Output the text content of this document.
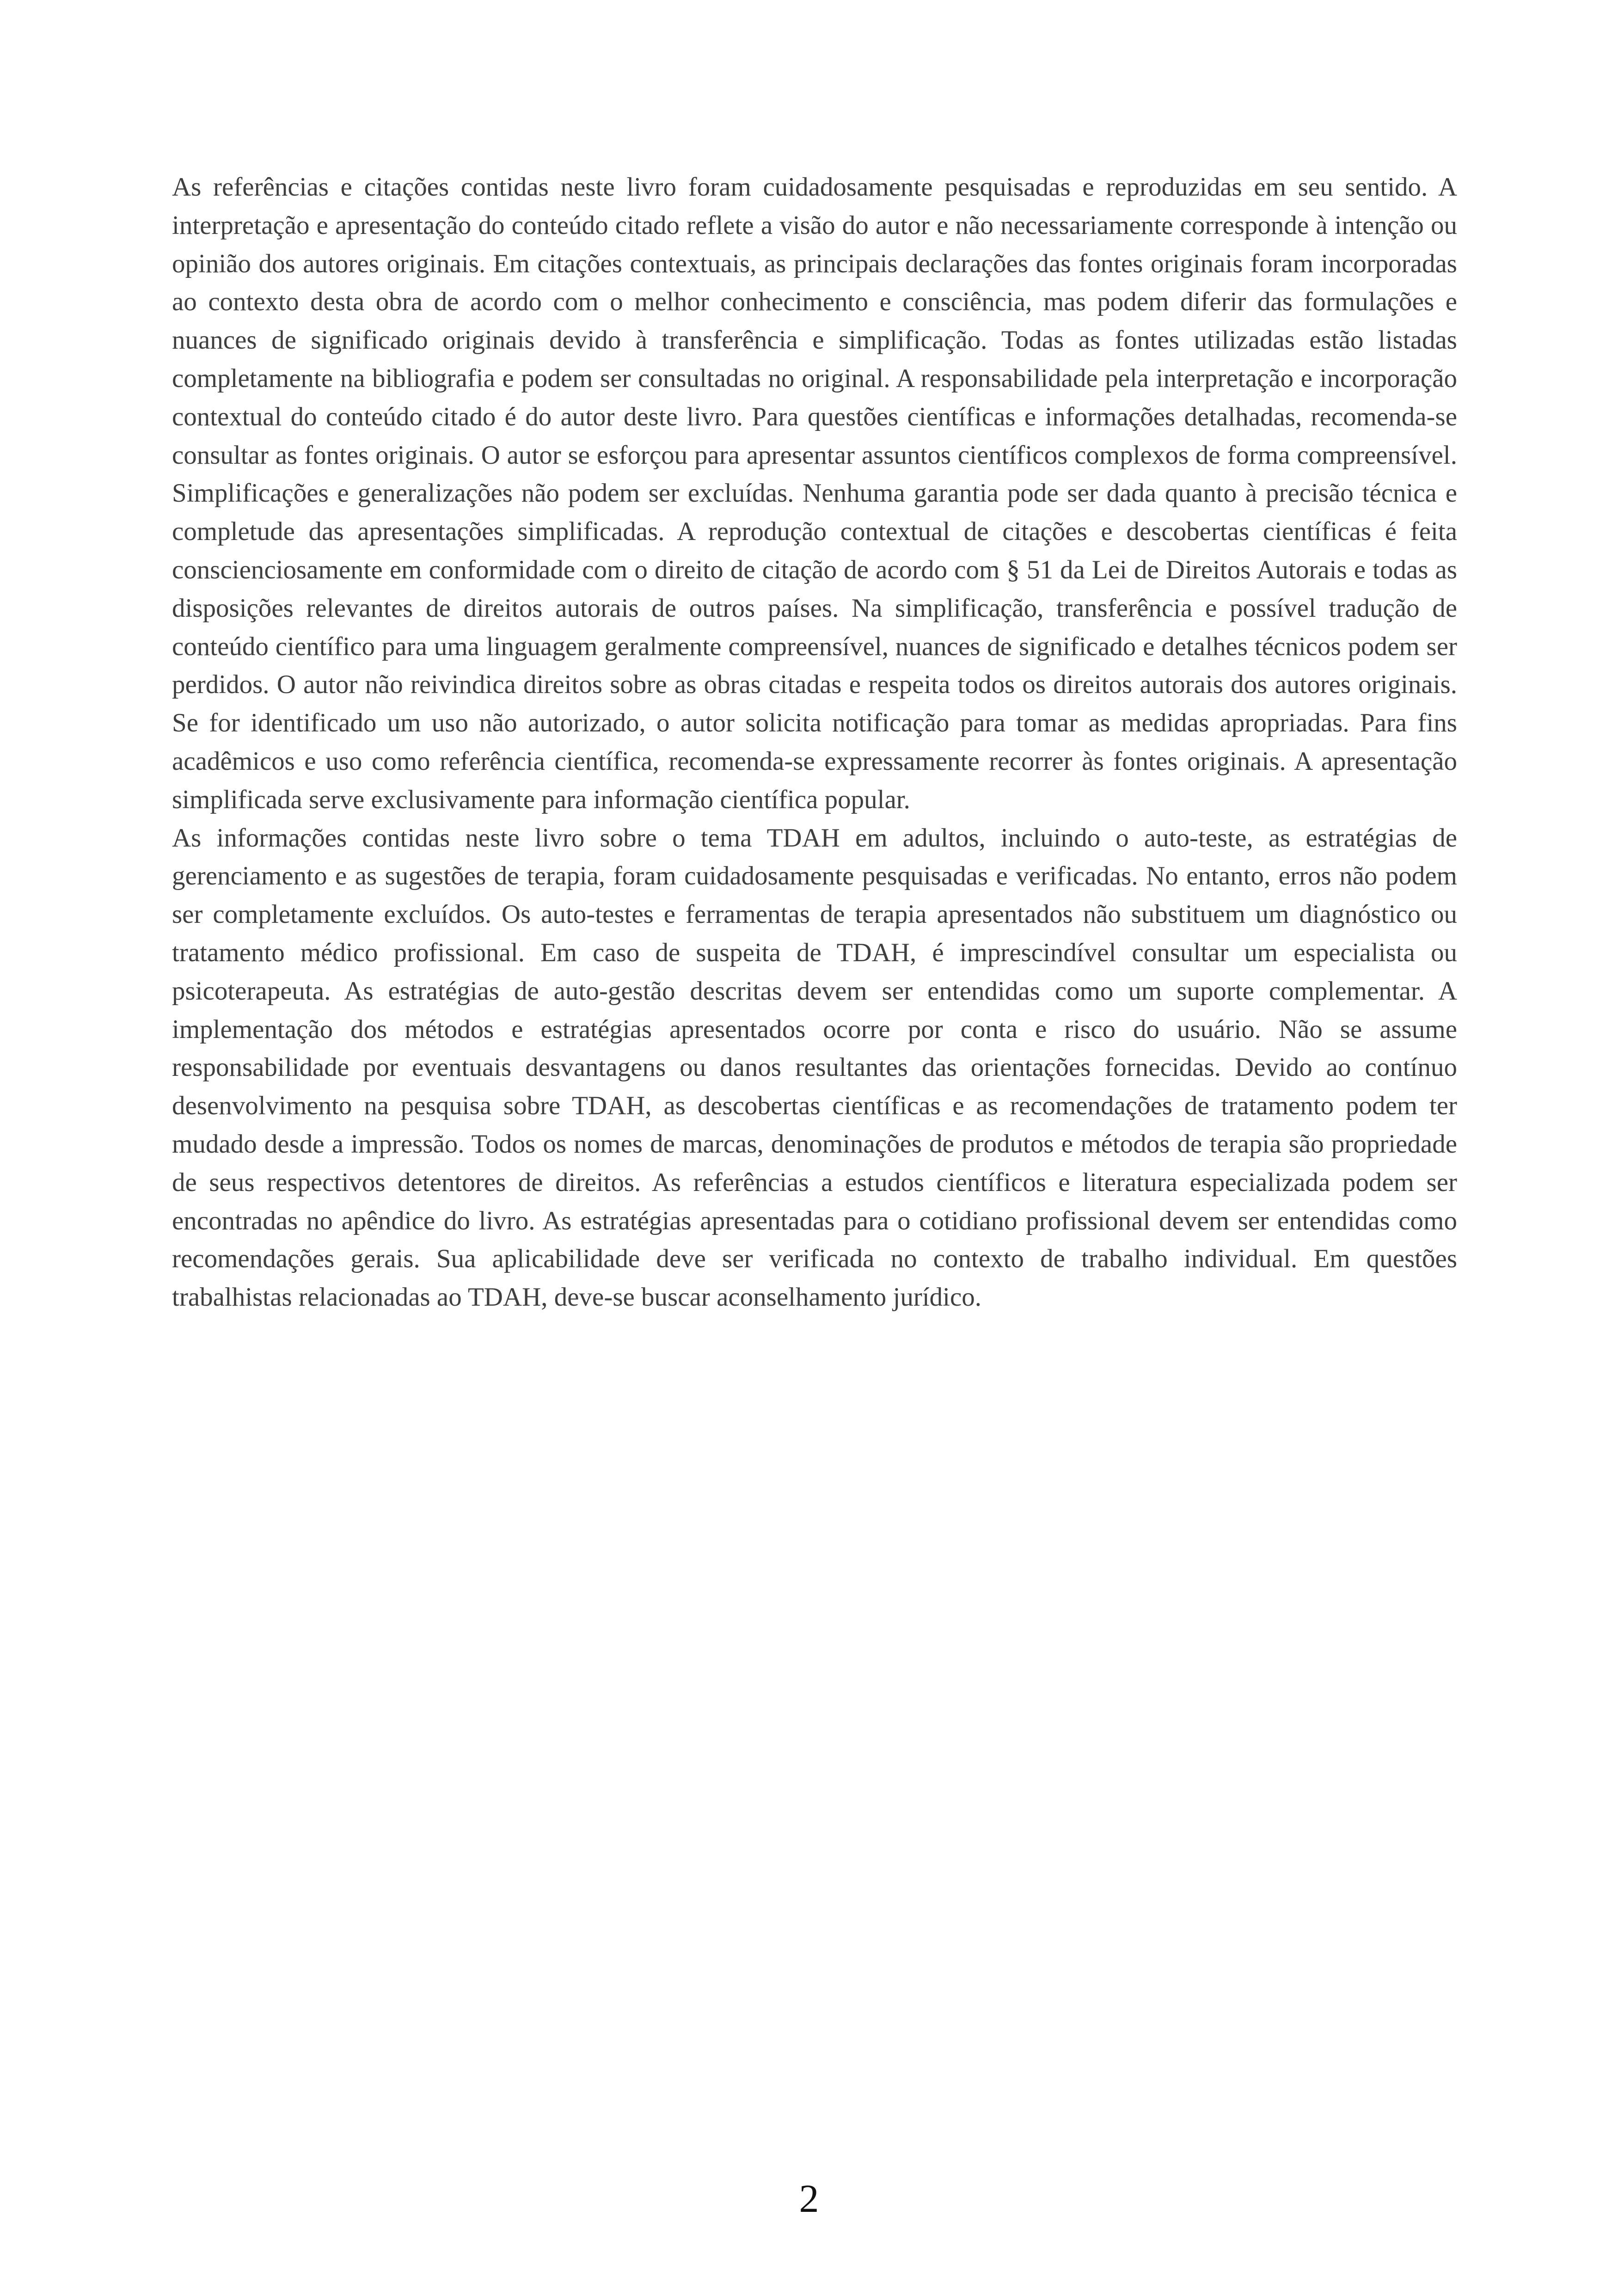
As referências e citações contidas neste livro foram cuidadosamente pesquisadas e reproduzidas em seu sentido. A interpretação e apresentação do conteúdo citado reflete a visão do autor e não necessariamente corresponde à intenção ou opinião dos autores originais. Em citações contextuais, as principais declarações das fontes originais foram incorporadas ao contexto desta obra de acordo com o melhor conhecimento e consciência, mas podem diferir das formulações e nuances de significado originais devido à transferência e simplificação. Todas as fontes utilizadas estão listadas completamente na bibliografia e podem ser consultadas no original. A responsabilidade pela interpretação e incorporação contextual do conteúdo citado é do autor deste livro. Para questões científicas e informações detalhadas, recomenda-se consultar as fontes originais. O autor se esforçou para apresentar assuntos científicos complexos de forma compreensível. Simplificações e generalizações não podem ser excluídas. Nenhuma garantia pode ser dada quanto à precisão técnica e completude das apresentações simplificadas. A reprodução contextual de citações e descobertas científicas é feita conscienciosamente em conformidade com o direito de citação de acordo com § 51 da Lei de Direitos Autorais e todas as disposições relevantes de direitos autorais de outros países. Na simplificação, transferência e possível tradução de conteúdo científico para uma linguagem geralmente compreensível, nuances de significado e detalhes técnicos podem ser perdidos. O autor não reivindica direitos sobre as obras citadas e respeita todos os direitos autorais dos autores originais. Se for identificado um uso não autorizado, o autor solicita notificação para tomar as medidas apropriadas. Para fins acadêmicos e uso como referência científica, recomenda-se expressamente recorrer às fontes originais. A apresentação simplificada serve exclusivamente para informação científica popular.

As informações contidas neste livro sobre o tema TDAH em adultos, incluindo o auto-teste, as estratégias de gerenciamento e as sugestões de terapia, foram cuidadosamente pesquisadas e verificadas. No entanto, erros não podem ser completamente excluídos. Os auto-testes e ferramentas de terapia apresentados não substituem um diagnóstico ou tratamento médico profissional. Em caso de suspeita de TDAH, é imprescindível consultar um especialista ou psicoterapeuta. As estratégias de auto-gestão descritas devem ser entendidas como um suporte complementar. A implementação dos métodos e estratégias apresentados ocorre por conta e risco do usuário. Não se assume responsabilidade por eventuais desvantagens ou danos resultantes das orientações fornecidas. Devido ao contínuo desenvolvimento na pesquisa sobre TDAH, as descobertas científicas e as recomendações de tratamento podem ter mudado desde a impressão. Todos os nomes de marcas, denominações de produtos e métodos de terapia são propriedade de seus respectivos detentores de direitos. As referências a estudos científicos e literatura especializada podem ser encontradas no apêndice do livro. As estratégias apresentadas para o cotidiano profissional devem ser entendidas como recomendações gerais. Sua aplicabilidade deve ser verificada no contexto de trabalho individual. Em questões trabalhistas relacionadas ao TDAH, deve-se buscar aconselhamento jurídico.

2
